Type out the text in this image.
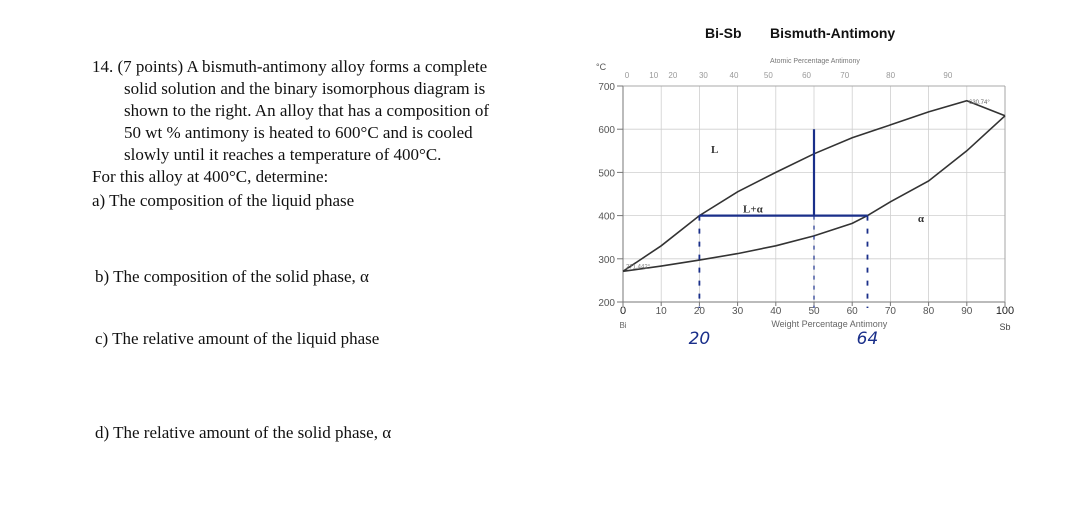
14. (7 points) A bismuth-antimony alloy forms a complete
solid solution and the binary isomorphous diagram is
shown to the right. An alloy that has a composition of
50 wt % antimony is heated to 600°C and is cooled
slowly until it reaches a temperature of 400°C.
For this alloy at 400°C, determine:
a) The composition of the liquid phase
b) The composition of the solid phase, α
c) The relative amount of the liquid phase
d) The relative amount of the solid phase, α
Bi-Sb Bismuth-Antimony
Atomic Percentage Antimony
°C
20	64
700
600
500
400
300
200
0	10	20	30	40	50	60	70	80	90 100
Bi	Sb
Weight Percentage Antimony
0	10 20	30	40	50	60	70	80	90
271.442°
630.74°
L
L+α
α
